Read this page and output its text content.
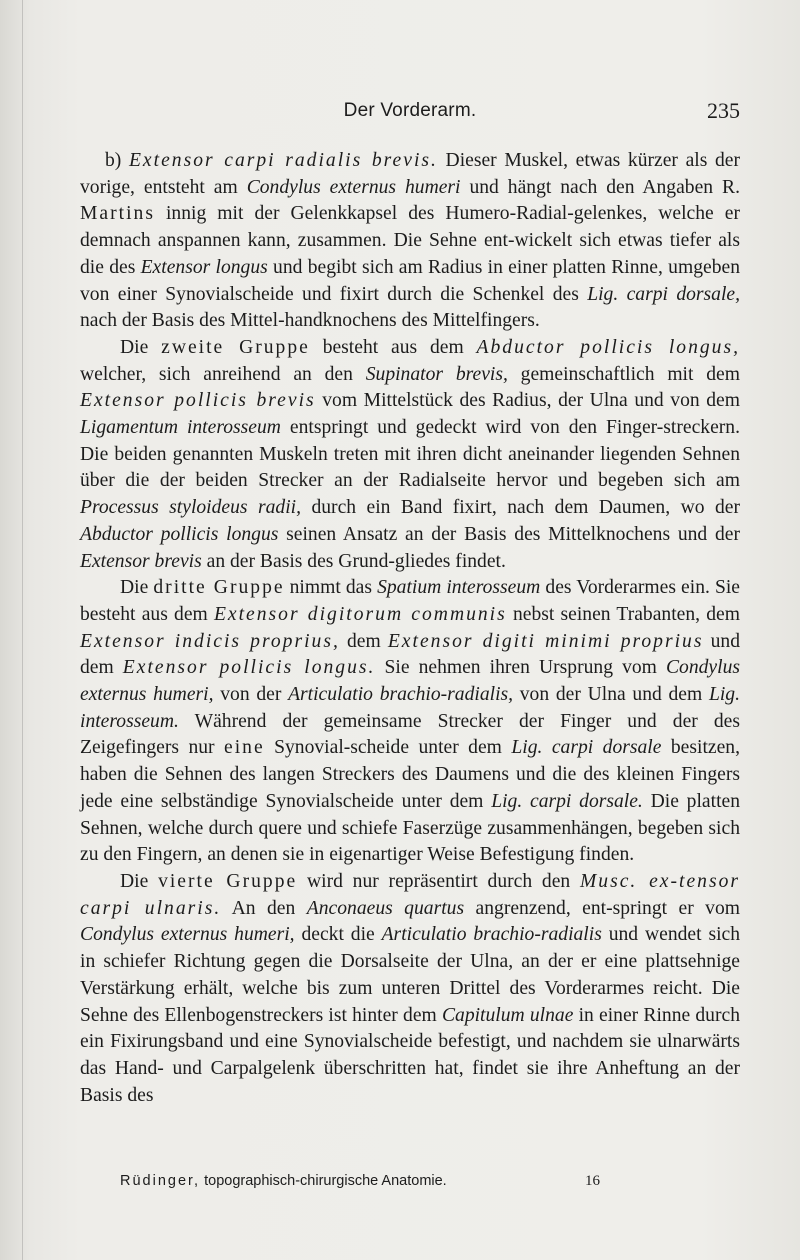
Der Vorderarm.	235

b) Extensor carpi radialis brevis. Dieser Muskel, etwas kürzer als der vorige, entsteht am Condylus externus humeri und hängt nach den Angaben R. Martins innig mit der Gelenkkapsel des Humero-Radial-gelenkes, welche er demnach anspannen kann, zusammen. Die Sehne ent-wickelt sich etwas tiefer als die des Extensor longus und begibt sich am Radius in einer platten Rinne, umgeben von einer Synovialscheide und fixirt durch die Schenkel des Lig. carpi dorsale, nach der Basis des Mittel-handknochens des Mittelfingers.

Die zweite Gruppe besteht aus dem Abductor pollicis longus, welcher, sich anreihend an den Supinator brevis, gemeinschaftlich mit dem Extensor pollicis brevis vom Mittelstück des Radius, der Ulna und von dem Ligamentum interosseum entspringt und gedeckt wird von den Finger-streckern. Die beiden genannten Muskeln treten mit ihren dicht aneinander liegenden Sehnen über die der beiden Strecker an der Radialseite hervor und begeben sich am Processus styloideus radii, durch ein Band fixirt, nach dem Daumen, wo der Abductor pollicis longus seinen Ansatz an der Basis des Mittelknochens und der Extensor brevis an der Basis des Grund-gliedes findet.

Die dritte Gruppe nimmt das Spatium interosseum des Vorderarmes ein. Sie besteht aus dem Extensor digitorum communis nebst seinen Trabanten, dem Extensor indicis proprius, dem Extensor digiti minimi proprius und dem Extensor pollicis longus. Sie nehmen ihren Ursprung vom Condylus externus humeri, von der Articulatio brachio-radialis, von der Ulna und dem Lig. interosseum. Während der gemeinsame Strecker der Finger und der des Zeigefingers nur eine Synovial-scheide unter dem Lig. carpi dorsale besitzen, haben die Sehnen des langen Streckers des Daumens und die des kleinen Fingers jede eine selbständige Synovialscheide unter dem Lig. carpi dorsale. Die platten Sehnen, welche durch quere und schiefe Faserzüge zusammenhängen, begeben sich zu den Fingern, an denen sie in eigenartiger Weise Befestigung finden.

Die vierte Gruppe wird nur repräsentirt durch den Musc. ex-tensor carpi ulnaris. An den Anconaeus quartus angrenzend, ent-springt er vom Condylus externus humeri, deckt die Articulatio brachio-radialis und wendet sich in schiefer Richtung gegen die Dorsalseite der Ulna, an der er eine plattsehnige Verstärkung erhält, welche bis zum unteren Drittel des Vorderarmes reicht. Die Sehne des Ellenbogenstreckers ist hinter dem Capitulum ulnae in einer Rinne durch ein Fixirungsband und eine Synovialscheide befestigt, und nachdem sie ulnarwärts das Hand- und Carpalgelenk überschritten hat, findet sie ihre Anheftung an der Basis des

Rüdinger, topographisch-chirurgische Anatomie.	16
